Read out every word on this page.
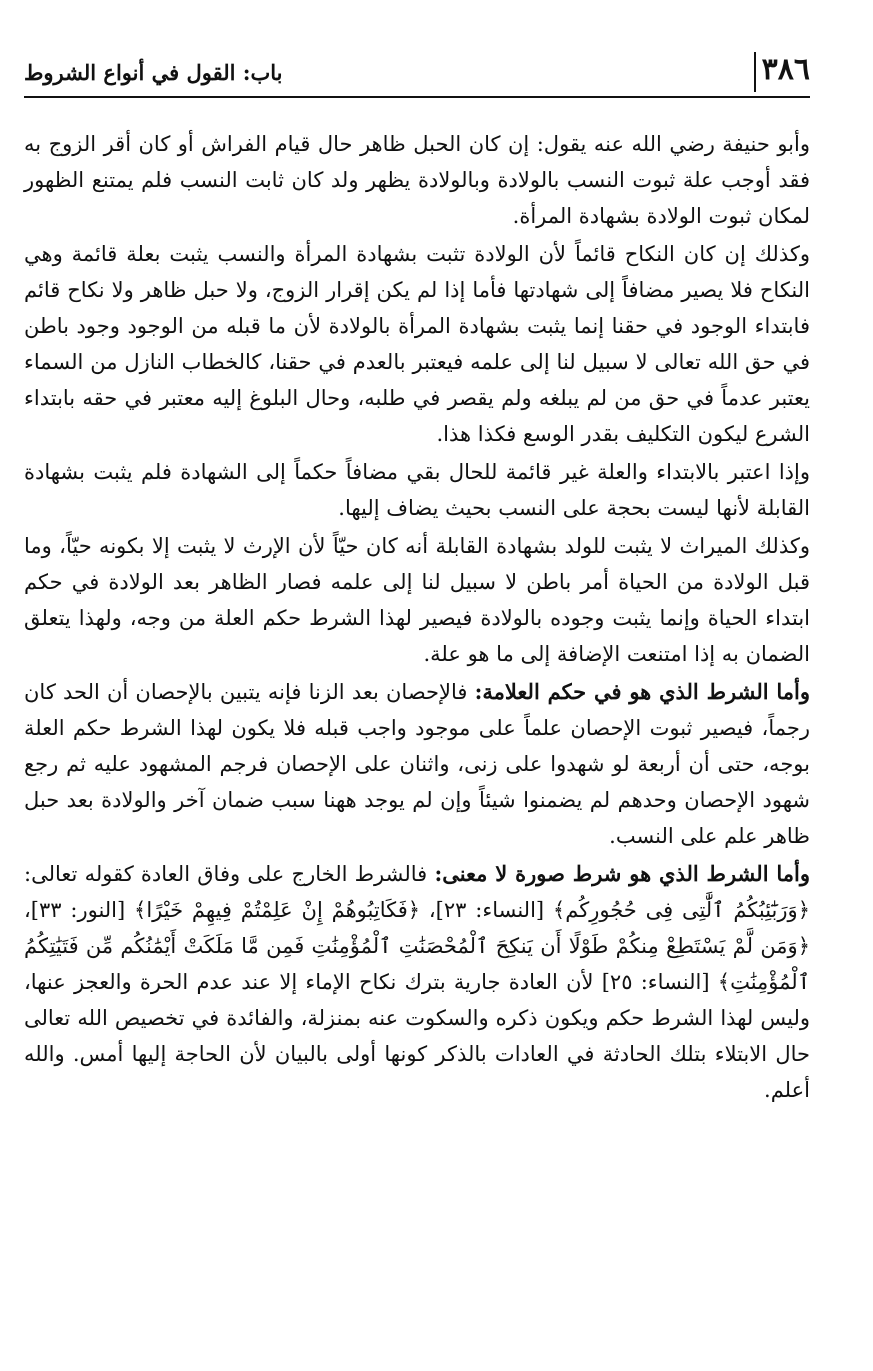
٣٨٦
باب: القول في أنواع الشروط

وأبو حنيفة رضي الله عنه يقول: إن كان الحبل ظاهر حال قيام الفراش أو كان أقر الزوج به فقد أوجب علة ثبوت النسب بالولادة وبالولادة يظهر ولد كان ثابت النسب فلم يمتنع الظهور لمكان ثبوت الولادة بشهادة المرأة.

وكذلك إن كان النكاح قائماً لأن الولادة تثبت بشهادة المرأة والنسب يثبت بعلة قائمة وهي النكاح فلا يصير مضافاً إلى شهادتها فأما إذا لم يكن إقرار الزوج، ولا حبل ظاهر ولا نكاح قائم فابتداء الوجود في حقنا إنما يثبت بشهادة المرأة بالولادة لأن ما قبله من الوجود وجود باطن في حق الله تعالى لا سبيل لنا إلى علمه فيعتبر بالعدم في حقنا، كالخطاب النازل من السماء يعتبر عدماً في حق من لم يبلغه ولم يقصر في طلبه، وحال البلوغ إليه معتبر في حقه بابتداء الشرع ليكون التكليف بقدر الوسع فكذا هذا.

وإذا اعتبر بالابتداء والعلة غير قائمة للحال بقي مضافاً حكماً إلى الشهادة فلم يثبت بشهادة القابلة لأنها ليست بحجة على النسب بحيث يضاف إليها.

وكذلك الميراث لا يثبت للولد بشهادة القابلة أنه كان حيّاً لأن الإرث لا يثبت إلا بكونه حيّاً، وما قبل الولادة من الحياة أمر باطن لا سبيل لنا إلى علمه فصار الظاهر بعد الولادة في حكم ابتداء الحياة وإنما يثبت وجوده بالولادة فيصير لهذا الشرط حكم العلة من وجه، ولهذا يتعلق الضمان به إذا امتنعت الإضافة إلى ما هو علة.

وأما الشرط الذي هو في حكم العلامة: فالإحصان بعد الزنا فإنه يتبين بالإحصان أن الحد كان رجماً، فيصير ثبوت الإحصان علماً على موجود واجب قبله فلا يكون لهذا الشرط حكم العلة بوجه، حتى أن أربعة لو شهدوا على زنى، واثنان على الإحصان فرجم المشهود عليه ثم رجع شهود الإحصان وحدهم لم يضمنوا شيئاً وإن لم يوجد ههنا سبب ضمان آخر والولادة بعد حبل ظاهر علم على النسب.

وأما الشرط الذي هو شرط صورة لا معنى: فالشرط الخارج على وفاق العادة كقوله تعالى: ﴿وَرَبَٰٓئِبُكُمُ ٱلَّٰتِى فِى حُجُورِكُم﴾ [النساء: ٢٣]، ﴿فَكَاتِبُوهُمْ إِنْ عَلِمْتُمْ فِيهِمْ خَيْرًا﴾ [النور: ٣٣]، ﴿وَمَن لَّمْ يَسْتَطِعْ مِنكُمْ طَوْلًا أَن يَنكِحَ ٱلْمُحْصَنَٰتِ ٱلْمُؤْمِنَٰتِ فَمِن مَّا مَلَكَتْ أَيْمَٰنُكُم مِّن فَتَيَٰتِكُمُ ٱلْمُؤْمِنَٰتِ﴾ [النساء: ٢٥] لأن العادة جارية بترك نكاح الإماء إلا عند عدم الحرة والعجز عنها، وليس لهذا الشرط حكم ويكون ذكره والسكوت عنه بمنزلة، والفائدة في تخصيص الله تعالى حال الابتلاء بتلك الحادثة في العادات بالذكر كونها أولى بالبيان لأن الحاجة إليها أمس. والله أعلم.
